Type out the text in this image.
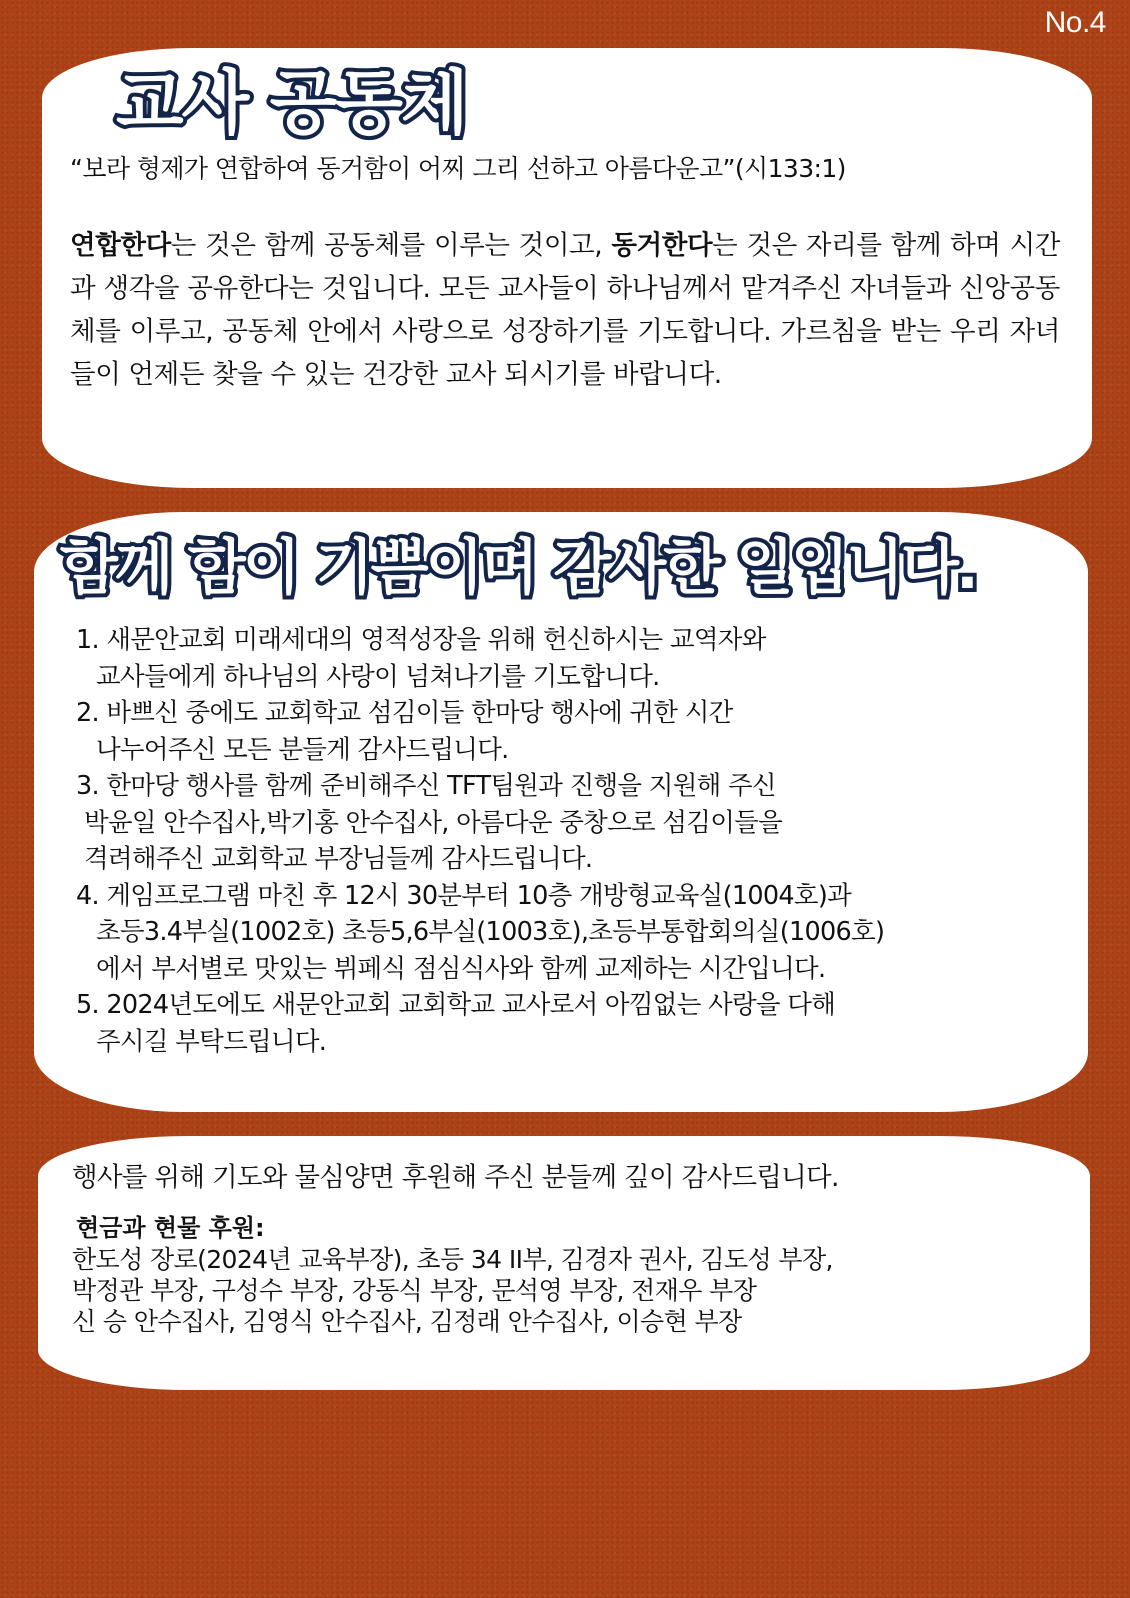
No.4
교사 공동체

“보라 형제가 연합하여 동거함이 어찌 그리 선하고 아름다운고”(시133:1)

연합한다는 것은 함께 공동체를 이루는 것이고, 동거한다는 것은 자리를 함께 하며 시간과 생각을 공유한다는 것입니다. 모든 교사들이 하나님께서 맡겨주신 자녀들과 신앙공동체를 이루고, 공동체 안에서 사랑으로 성장하기를 기도합니다. 가르침을 받는 우리 자녀들이 언제든 찾을 수 있는 건강한 교사 되시기를 바랍니다.
함께 함이 기쁨이며 감사한 일입니다.
1. 새문안교회 미래세대의 영적성장을 위해 헌신하시는 교역자와
교사들에게 하나님의 사랑이 넘쳐나기를 기도합니다.
2. 바쁘신 중에도 교회학교 섬김이들 한마당 행사에 귀한 시간
나누어주신 모든 분들게 감사드립니다.
3. 한마당 행사를 함께 준비해주신 TFT팀원과 진행을 지원해 주신
박윤일 안수집사,박기홍 안수집사, 아름다운 중창으로 섬김이들을
격려해주신 교회학교 부장님들께 감사드립니다.
4. 게임프로그램 마친 후 12시 30분부터 10층 개방형교육실(1004호)과
초등3.4부실(1002호) 초등5,6부실(1003호),초등부통합회의실(1006호)
에서 부서별로 맛있는 뷔페식 점심식사와 함께 교제하는 시간입니다.
5. 2024년도에도 새문안교회 교회학교 교사로서 아낌없는 사랑을 다해
주시길 부탁드립니다.

행사를 위해 기도와 물심양면 후원해 주신 분들께 깊이 감사드립니다.

현금과 현물 후원:
한도성 장로(2024년 교육부장), 초등 34 II부, 김경자 권사, 김도성 부장,
박정관 부장, 구성수 부장, 강동식 부장, 문석영 부장, 전재우 부장
신 승 안수집사, 김영식 안수집사, 김정래 안수집사, 이승현 부장
